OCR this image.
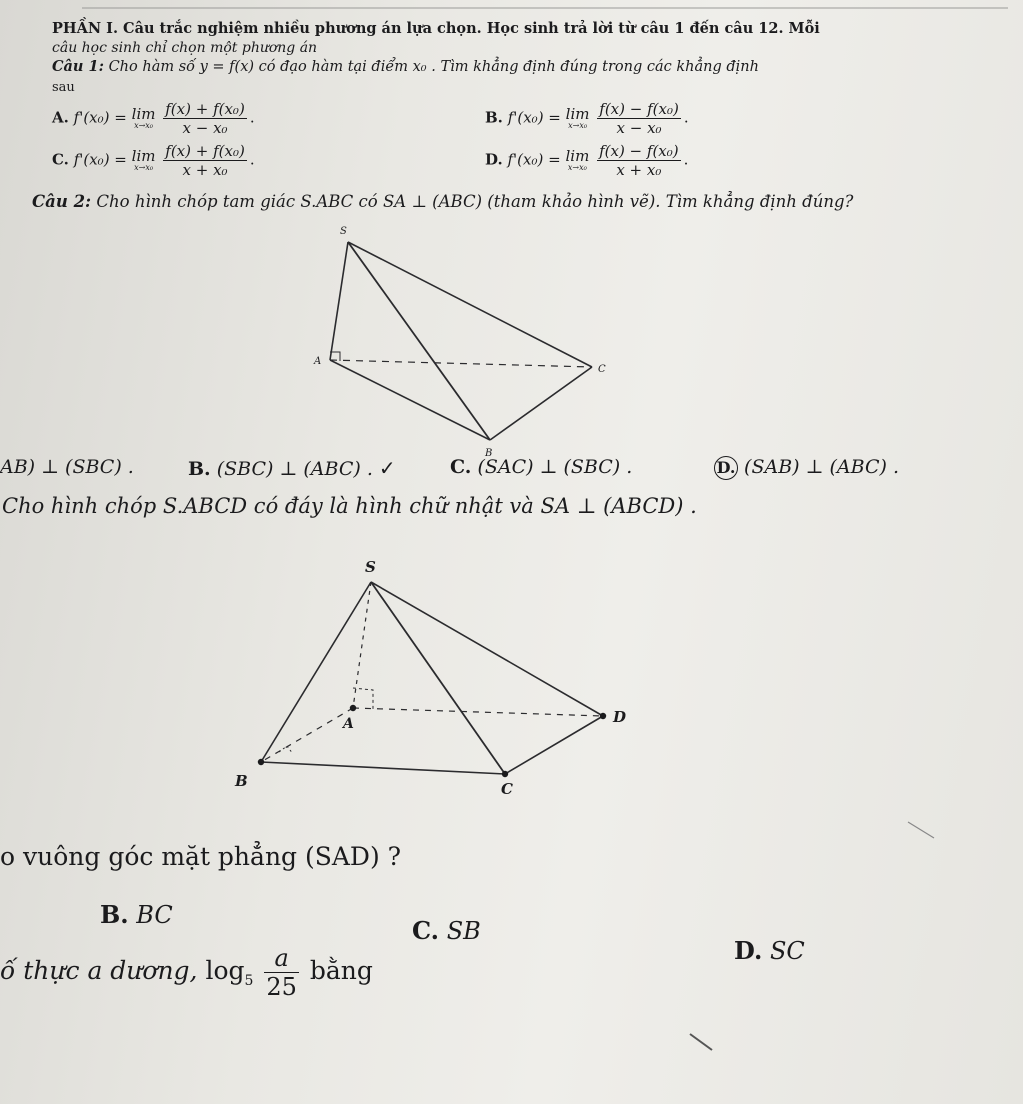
PHẦN I. Câu trắc nghiệm nhiều phương án lựa chọn. Học sinh trả lời từ câu 1 đến câu 12. Mỗi
câu học sinh chỉ chọn một phương án
Câu 1: Cho hàm số y = f(x) có đạo hàm tại điểm x₀ . Tìm khẳng định đúng trong các khẳng định
sau
A. f'(x₀) = lim
x→x₀
$\frac{\text{f(x) + f(x₀)}}{\text{x − x₀}}$ .	B. f'(x₀) = lim
x→x₀
$\frac{\text{f(x) − f(x₀)}}{\text{x − x₀}}$ .
C. f'(x₀) = lim
x→x₀
$\frac{\text{f(x) + f(x₀)}}{\text{x + x₀}}$ .	D. f'(x₀) = lim
x→x₀
$\frac{\text{f(x) − f(x₀)}}{\text{x + x₀}}$ .
Câu 2: Cho hình chóp tam giác S.ABC có SA ⊥ (ABC) (tham khảo hình vẽ). Tìm khẳng định đúng?
S
A
B
C
AB) ⊥ (SBC) .	B. (SBC) ⊥ (ABC) . ✓	C. (SAC) ⊥ (SBC) .	D. (SAB) ⊥ (ABC) .
Cho hình chóp S.ABCD có đáy là hình chữ nhật và SA ⊥ (ABCD) .
S
A
B	C
D
o vuông góc mặt phẳng (SAD) ?
B. BC
C. SB
D. SC
ố thực a dương, $\log_5 \frac{a}{25}$ bằng
